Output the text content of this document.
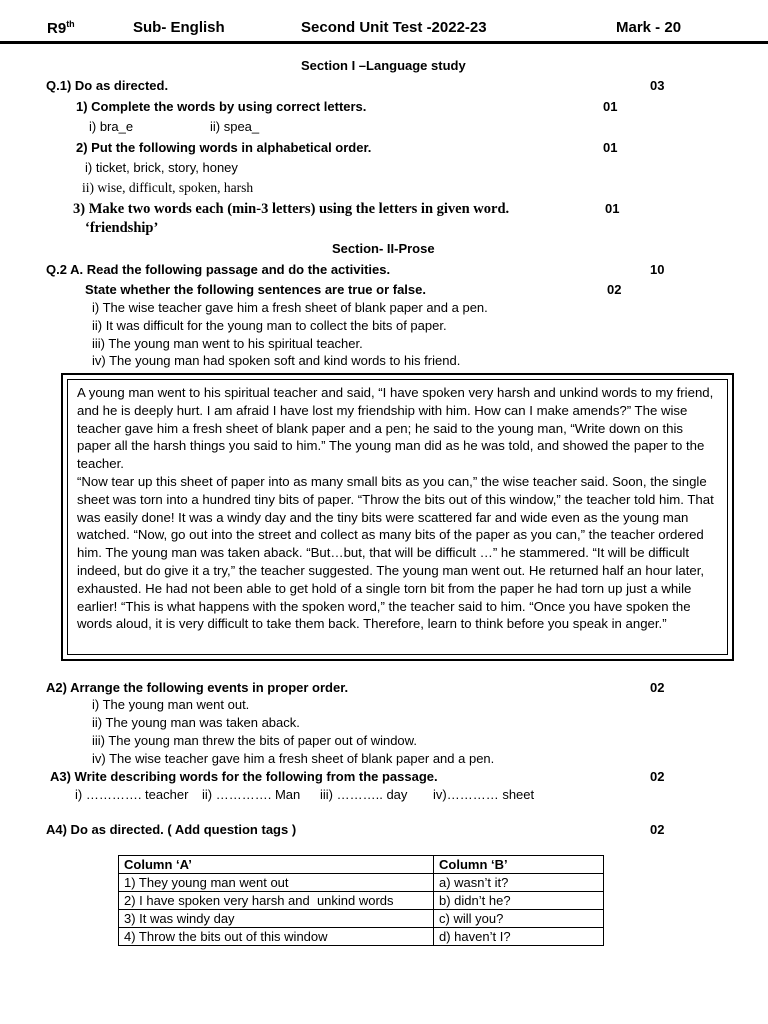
R9th	Sub- English	Second Unit Test -2022-23	Mark - 20
Section I –Language study
Q.1) Do as directed.	03
1) Complete the words by using correct letters.	01
i) bra_e	ii) spea_
2) Put the following words in alphabetical order.	01
i) ticket, brick, story, honey
ii) wise, difficult, spoken, harsh
3) Make two words each (min-3 letters) using the letters in given word.	01
‘friendship’
Section- II-Prose
Q.2 A. Read the following passage and do the activities.	10
State whether the following sentences are true or false.	02
i) The wise teacher gave him a fresh sheet of blank paper and a pen.
ii) It was difficult for the young man to collect the bits of paper.
iii) The young man went to his spiritual teacher.
iv) The young man had spoken soft and kind words to his friend.

A young man went to his spiritual teacher and said, “I have spoken very harsh and unkind words to my friend, and he is deeply hurt. I am afraid I have lost my friendship with him. How can I make amends?” The wise teacher gave him a fresh sheet of blank paper and a pen; he said to the young man, “Write down on this paper all the harsh things you said to him.” The young man did as he was told, and showed the paper to the teacher.

“Now tear up this sheet of paper into as many small bits as you can,” the wise teacher said. Soon, the single sheet was torn into a hundred tiny bits of paper. “Throw the bits out of this window,” the teacher told him. That was easily done! It was a windy day and the tiny bits were scattered far and wide even as the young man watched. “Now, go out into the street and collect as many bits of the paper as you can,” the teacher ordered him. The young man was taken aback. “But…but, that will be difficult …” he stammered. “It will be difficult indeed, but do give it a try,” the teacher suggested. The young man went out. He returned half an hour later, exhausted. He had not been able to get hold of a single torn bit from the paper he had torn up just a while earlier! “This is what happens with the spoken word,” the teacher said to him. “Once you have spoken the words aloud, it is very difficult to take them back. Therefore, learn to think before you speak in anger.”

A2) Arrange the following events in proper order.	02
i) The young man went out.
ii) The young man was taken aback.
iii) The young man threw the bits of paper out of window.
iv) The wise teacher gave him a fresh sheet of blank paper and a pen.
A3) Write describing words for the following from the passage.	02
i) …………. teacher ii) …………. Man iii) ……….. day iv)………… sheet
A4) Do as directed. ( Add question tags )	02
Column ‘A’	Column ‘B’
1) They young man went out	a) wasn’t it?
2) I have spoken very harsh and  unkind words	b) didn’t he?
3) It was windy day	c) will you?
4) Throw the bits out of this window	d) haven’t I?
